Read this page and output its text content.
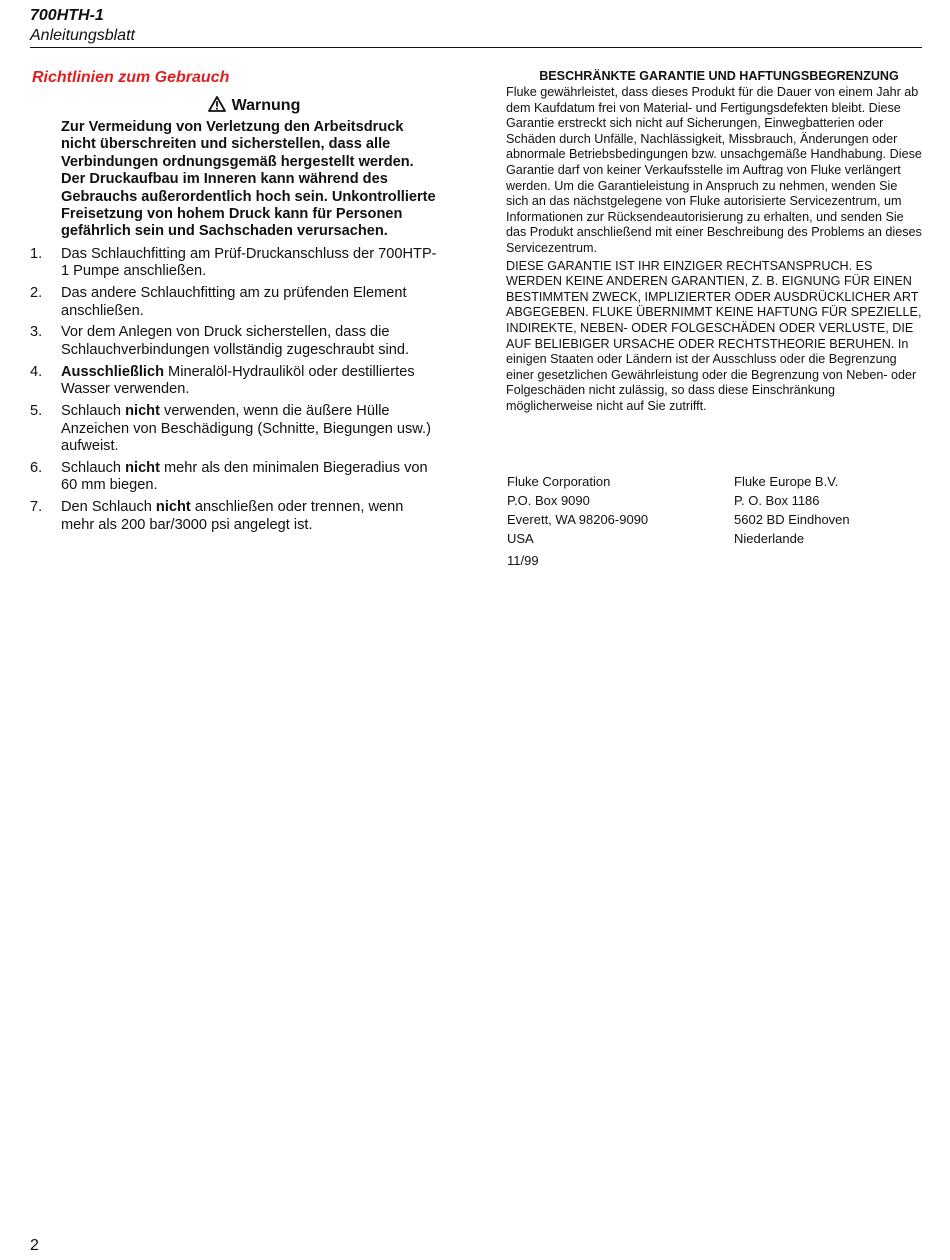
700HTH-1
Anleitungsblatt
Richtlinien zum Gebrauch
Warnung
Zur Vermeidung von Verletzung den Arbeitsdruck nicht überschreiten und sicherstellen, dass alle Verbindungen ordnungsgemäß hergestellt werden. Der Druckaufbau im Inneren kann während des Gebrauchs außerordentlich hoch sein. Unkontrollierte Freisetzung von hohem Druck kann für Personen gefährlich sein und Sachschaden verursachen.
1.	Das Schlauchfitting am Prüf-Druckanschluss der 700HTP-1 Pumpe anschließen.
2.	Das andere Schlauchfitting am zu prüfenden Element anschließen.
3.	Vor dem Anlegen von Druck sicherstellen, dass die Schlauchverbindungen vollständig zugeschraubt sind.
4.	Ausschließlich Mineralöl-Hydrauliköl oder destilliertes Wasser verwenden.
5.	Schlauch nicht verwenden, wenn die äußere Hülle Anzeichen von Beschädigung (Schnitte, Biegungen usw.) aufweist.
6.	Schlauch nicht mehr als den minimalen Biegeradius von 60 mm biegen.
7.	Den Schlauch nicht anschließen oder trennen, wenn mehr als 200 bar/3000 psi angelegt ist.
BESCHRÄNKTE GARANTIE UND HAFTUNGSBEGRENZUNG

Fluke gewährleistet, dass dieses Produkt für die Dauer von einem Jahr ab dem Kaufdatum frei von Material- und Fertigungsdefekten bleibt. Diese Garantie erstreckt sich nicht auf Sicherungen, Einwegbatterien oder Schäden durch Unfälle, Nachlässigkeit, Missbrauch, Änderungen oder abnormale Betriebsbedingungen bzw. unsachgemäße Handhabung. Diese Garantie darf von keiner Verkaufsstelle im Auftrag von Fluke verlängert werden. Um die Garantieleistung in Anspruch zu nehmen, wenden Sie sich an das nächstgelegene von Fluke autorisierte Servicezentrum, um Informationen zur Rücksendeautorisierung zu erhalten, und senden Sie das Produkt anschließend mit einer Beschreibung des Problems an dieses Servicezentrum.

DIESE GARANTIE IST IHR EINZIGER RECHTSANSPRUCH. ES WERDEN KEINE ANDEREN GARANTIEN, Z. B. EIGNUNG FÜR EINEN BESTIMMTEN ZWECK, IMPLIZIERTER ODER AUSDRÜCKLICHER ART ABGEGEBEN. FLUKE ÜBERNIMMT KEINE HAFTUNG FÜR SPEZIELLE, INDIREKTE, NEBEN- ODER FOLGESCHÄDEN ODER VERLUSTE, DIE AUF BELIEBIGER URSACHE ODER RECHTSTHEORIE BERUHEN. In einigen Staaten oder Ländern ist der Ausschluss oder die Begrenzung einer gesetzlichen Gewährleistung oder die Begrenzung von Neben- oder Folgeschäden nicht zulässig, so dass diese Einschränkung möglicherweise nicht auf Sie zutrifft.

Fluke Corporation
P.O. Box 9090
Everett, WA 98206-9090
USA
Fluke Europe B.V.
P. O. Box 1186
5602 BD Eindhoven
Niederlande
11/99
2
